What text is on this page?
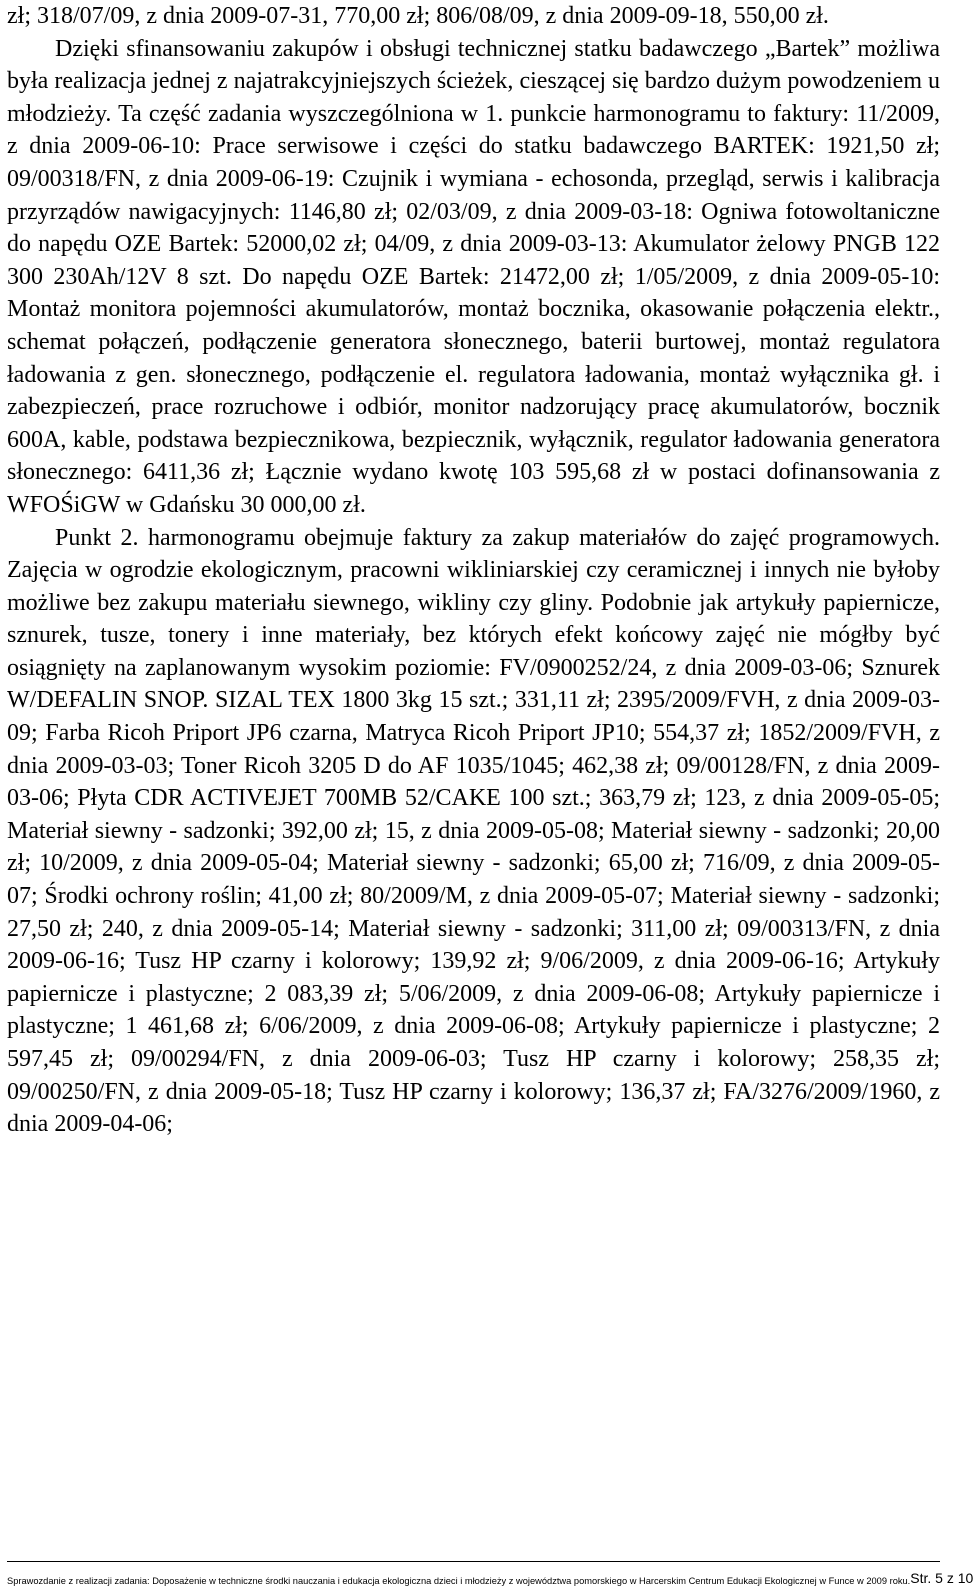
zł; 318/07/09, z dnia 2009-07-31, 770,00 zł; 806/08/09, z dnia 2009-09-18, 550,00 zł.

Dzięki sfinansowaniu zakupów i obsługi technicznej statku badawczego „Bartek” możliwa była realizacja jednej z najatrakcyjniejszych ścieżek, cieszącej się bardzo dużym powodzeniem u młodzieży. Ta część zadania wyszczególniona w 1. punkcie harmonogramu to faktury: 11/2009, z dnia 2009-06-10: Prace serwisowe i części do statku badawczego BARTEK: 1921,50 zł; 09/00318/FN, z dnia 2009-06-19: Czujnik i wymiana - echosonda, przegląd, serwis i kalibracja przyrządów nawigacyjnych: 1146,80 zł; 02/03/09, z dnia 2009-03-18: Ogniwa fotowoltaniczne do napędu OZE Bartek: 52000,02 zł; 04/09, z dnia 2009-03-13: Akumulator żelowy PNGB 122 300 230Ah/12V 8 szt. Do napędu OZE Bartek: 21472,00 zł; 1/05/2009, z dnia 2009-05-10: Montaż monitora pojemności akumulatorów, montaż bocznika, okasowanie połączenia elektr., schemat połączeń, podłączenie generatora słonecznego, baterii burtowej, montaż regulatora ładowania z gen. słonecznego, podłączenie el. regulatora ładowania, montaż wyłącznika gł. i zabezpieczeń, prace rozruchowe i odbiór, monitor nadzorujący pracę akumulatorów, bocznik 600A, kable, podstawa bezpiecznikowa, bezpiecznik, wyłącznik, regulator ładowania generatora słonecznego: 6411,36 zł; Łącznie wydano kwotę 103 595,68 zł w postaci dofinansowania z WFOŚiGW w Gdańsku 30 000,00 zł.

Punkt 2. harmonogramu obejmuje faktury za zakup materiałów do zajęć programowych. Zajęcia w ogrodzie ekologicznym, pracowni wikliniarskiej czy ceramicznej i innych nie byłoby możliwe bez zakupu materiału siewnego, wikliny czy gliny. Podobnie jak artykuły papiernicze, sznurek, tusze, tonery i inne materiały, bez których efekt końcowy zajęć nie mógłby być osiągnięty na zaplanowanym wysokim poziomie: FV/0900252/24, z dnia 2009-03-06; Sznurek W/DEFALIN SNOP. SIZAL TEX 1800 3kg 15 szt.; 331,11 zł; 2395/2009/FVH, z dnia 2009-03-09; Farba Ricoh Priport JP6 czarna, Matryca Ricoh Priport JP10; 554,37 zł; 1852/2009/FVH, z dnia 2009-03-03; Toner Ricoh 3205 D do AF 1035/1045; 462,38 zł; 09/00128/FN, z dnia 2009-03-06; Płyta CDR ACTIVEJET 700MB 52/CAKE 100 szt.; 363,79 zł; 123, z dnia 2009-05-05; Materiał siewny - sadzonki; 392,00 zł; 15, z dnia 2009-05-08; Materiał siewny - sadzonki; 20,00 zł; 10/2009, z dnia 2009-05-04; Materiał siewny - sadzonki; 65,00 zł; 716/09, z dnia 2009-05-07; Środki ochrony roślin; 41,00 zł; 80/2009/M, z dnia 2009-05-07; Materiał siewny - sadzonki; 27,50 zł; 240, z dnia 2009-05-14; Materiał siewny - sadzonki; 311,00 zł; 09/00313/FN, z dnia 2009-06-16; Tusz HP czarny i kolorowy; 139,92 zł; 9/06/2009, z dnia 2009-06-16; Artykuły papiernicze i plastyczne; 2 083,39 zł; 5/06/2009, z dnia 2009-06-08; Artykuły papiernicze i plastyczne; 1 461,68 zł; 6/06/2009, z dnia 2009-06-08; Artykuły papiernicze i plastyczne; 2 597,45 zł; 09/00294/FN, z dnia 2009-06-03; Tusz HP czarny i kolorowy; 258,35 zł; 09/00250/FN, z dnia 2009-05-18; Tusz HP czarny i kolorowy; 136,37 zł; FA/3276/2009/1960, z dnia 2009-04-06;

Sprawozdanie z realizacji zadania: Doposażenie w techniczne środki nauczania i edukacja ekologiczna dzieci i młodzieży z województwa pomorskiego w Harcerskim Centrum Edukacji Ekologicznej w Funce w 2009 roku. Str. 5 z 10
